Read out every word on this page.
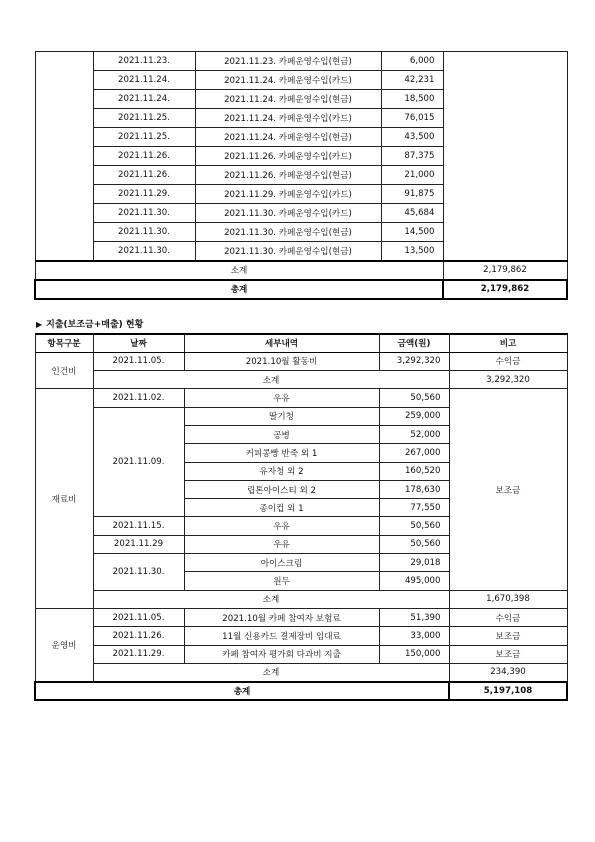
	2021.11.23.	2021.11.23. 카페운영수입(현금)	6,000	
	2021.11.24.	2021.11.24. 카페운영수입(카드)	42,231	
	2021.11.24.	2021.11.24. 카페운영수입(현금)	18,500	
	2021.11.25.	2021.11.24. 카페운영수입(카드)	76,015	
	2021.11.25.	2021.11.24. 카페운영수입(현금)	43,500	
	2021.11.26.	2021.11.26. 카페운영수입(카드)	87,375	
	2021.11.26.	2021.11.26. 카페운영수입(현금)	21,000	
	2021.11.29.	2021.11.29. 카페운영수입(카드)	91,875	
	2021.11.30.	2021.11.30. 카페운영수입(카드)	45,684	
	2021.11.30.	2021.11.30. 카페운영수입(현금)	14,500	
	2021.11.30.	2021.11.30. 카페운영수입(현금)	13,500	
소계				2,179,862
총계				2,179,862
▶ 지출(보조금+매출) 현황
항목구분	날짜	세부내역	금액(원)	비고
인건비	2021.11.05.	2021.10월 활동비	3,292,320	수익금
	소계			3,292,320
재료비	2021.11.02.	우유	50,560	보조금
	2021.11.09.	딸기청	259,000	
		공병	52,000	
		커피콩빵 반죽 외 1	267,000	
		유자청 외 2	160,520	
		립톤아이스티 외 2	178,630	
		종이컵 외 1	77,550	
	2021.11.15.	우유	50,560	
	2021.11.29	우유	50,560	
	2021.11.30.	아이스크림	29,018	
		원두	495,000	
	소계			1,670,398
운영비	2021.11.05.	2021.10월 카페 참여자 보험료	51,390	수익금
	2021.11.26.	11월 신용카드 결제장비 임대료	33,000	보조금
	2021.11.29.	카페 참여자 평가회 다과비 지출	150,000	보조금
	소계			234,390
총계				5,197,108
